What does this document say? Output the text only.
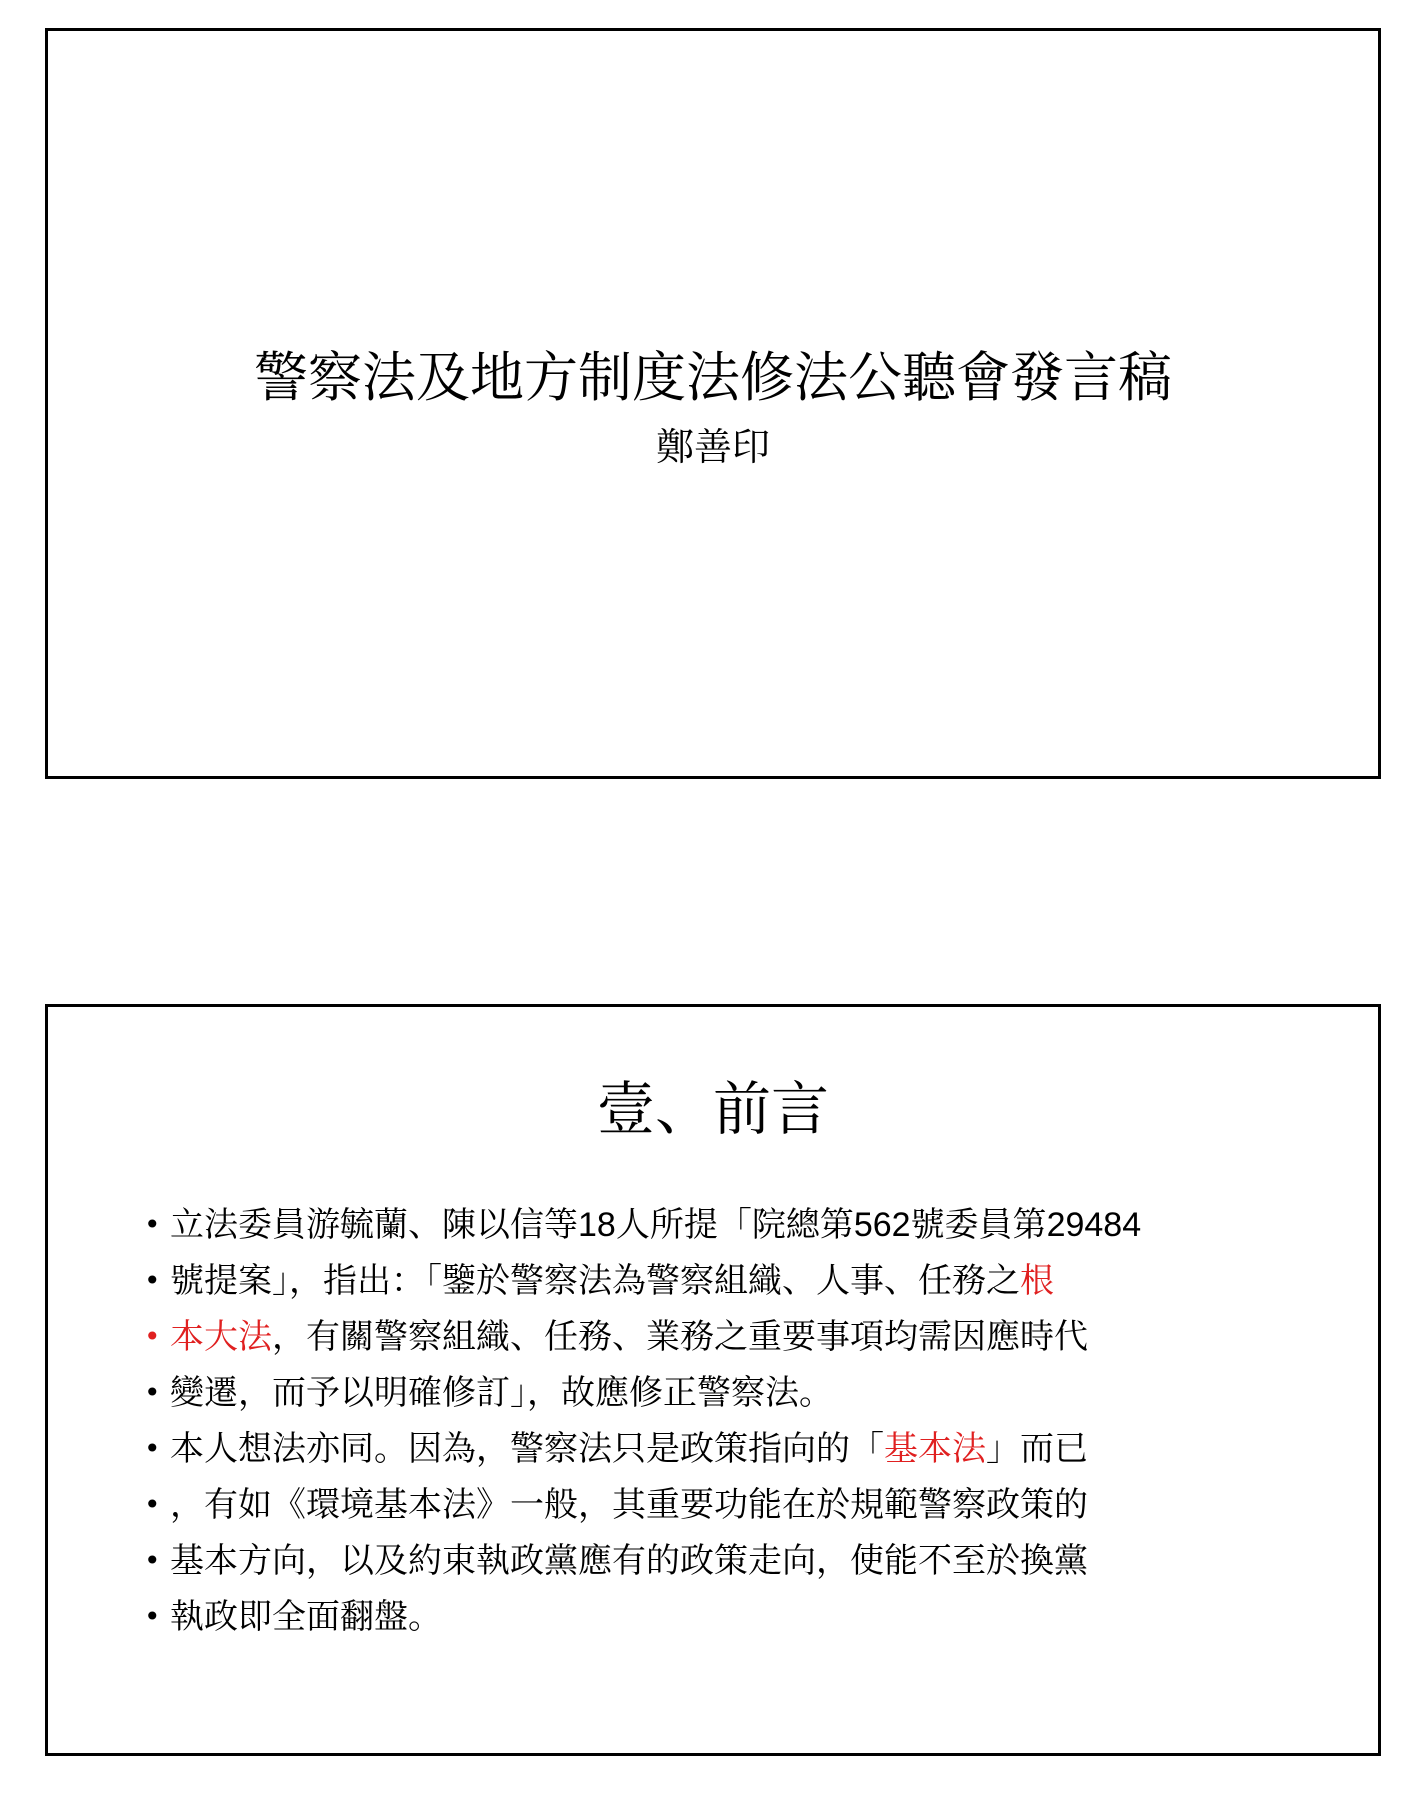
警察法及地方制度法修法公聽會發言稿
鄭善印
壹、前言
• 立法委員游毓蘭、陳以信等18人所提「院總第562號委員第29484
• 號提案」，指出：「鑒於警察法為警察組織、人事、任務之根
• 本大法，有關警察組織、任務、業務之重要事項均需因應時代
• 變遷，而予以明確修訂」，故應修正警察法。
• 本人想法亦同。因為，警察法只是政策指向的「基本法」而已
• ，有如《環境基本法》一般，其重要功能在於規範警察政策的
• 基本方向，以及約束執政黨應有的政策走向，使能不至於換黨
• 執政即全面翻盤。
